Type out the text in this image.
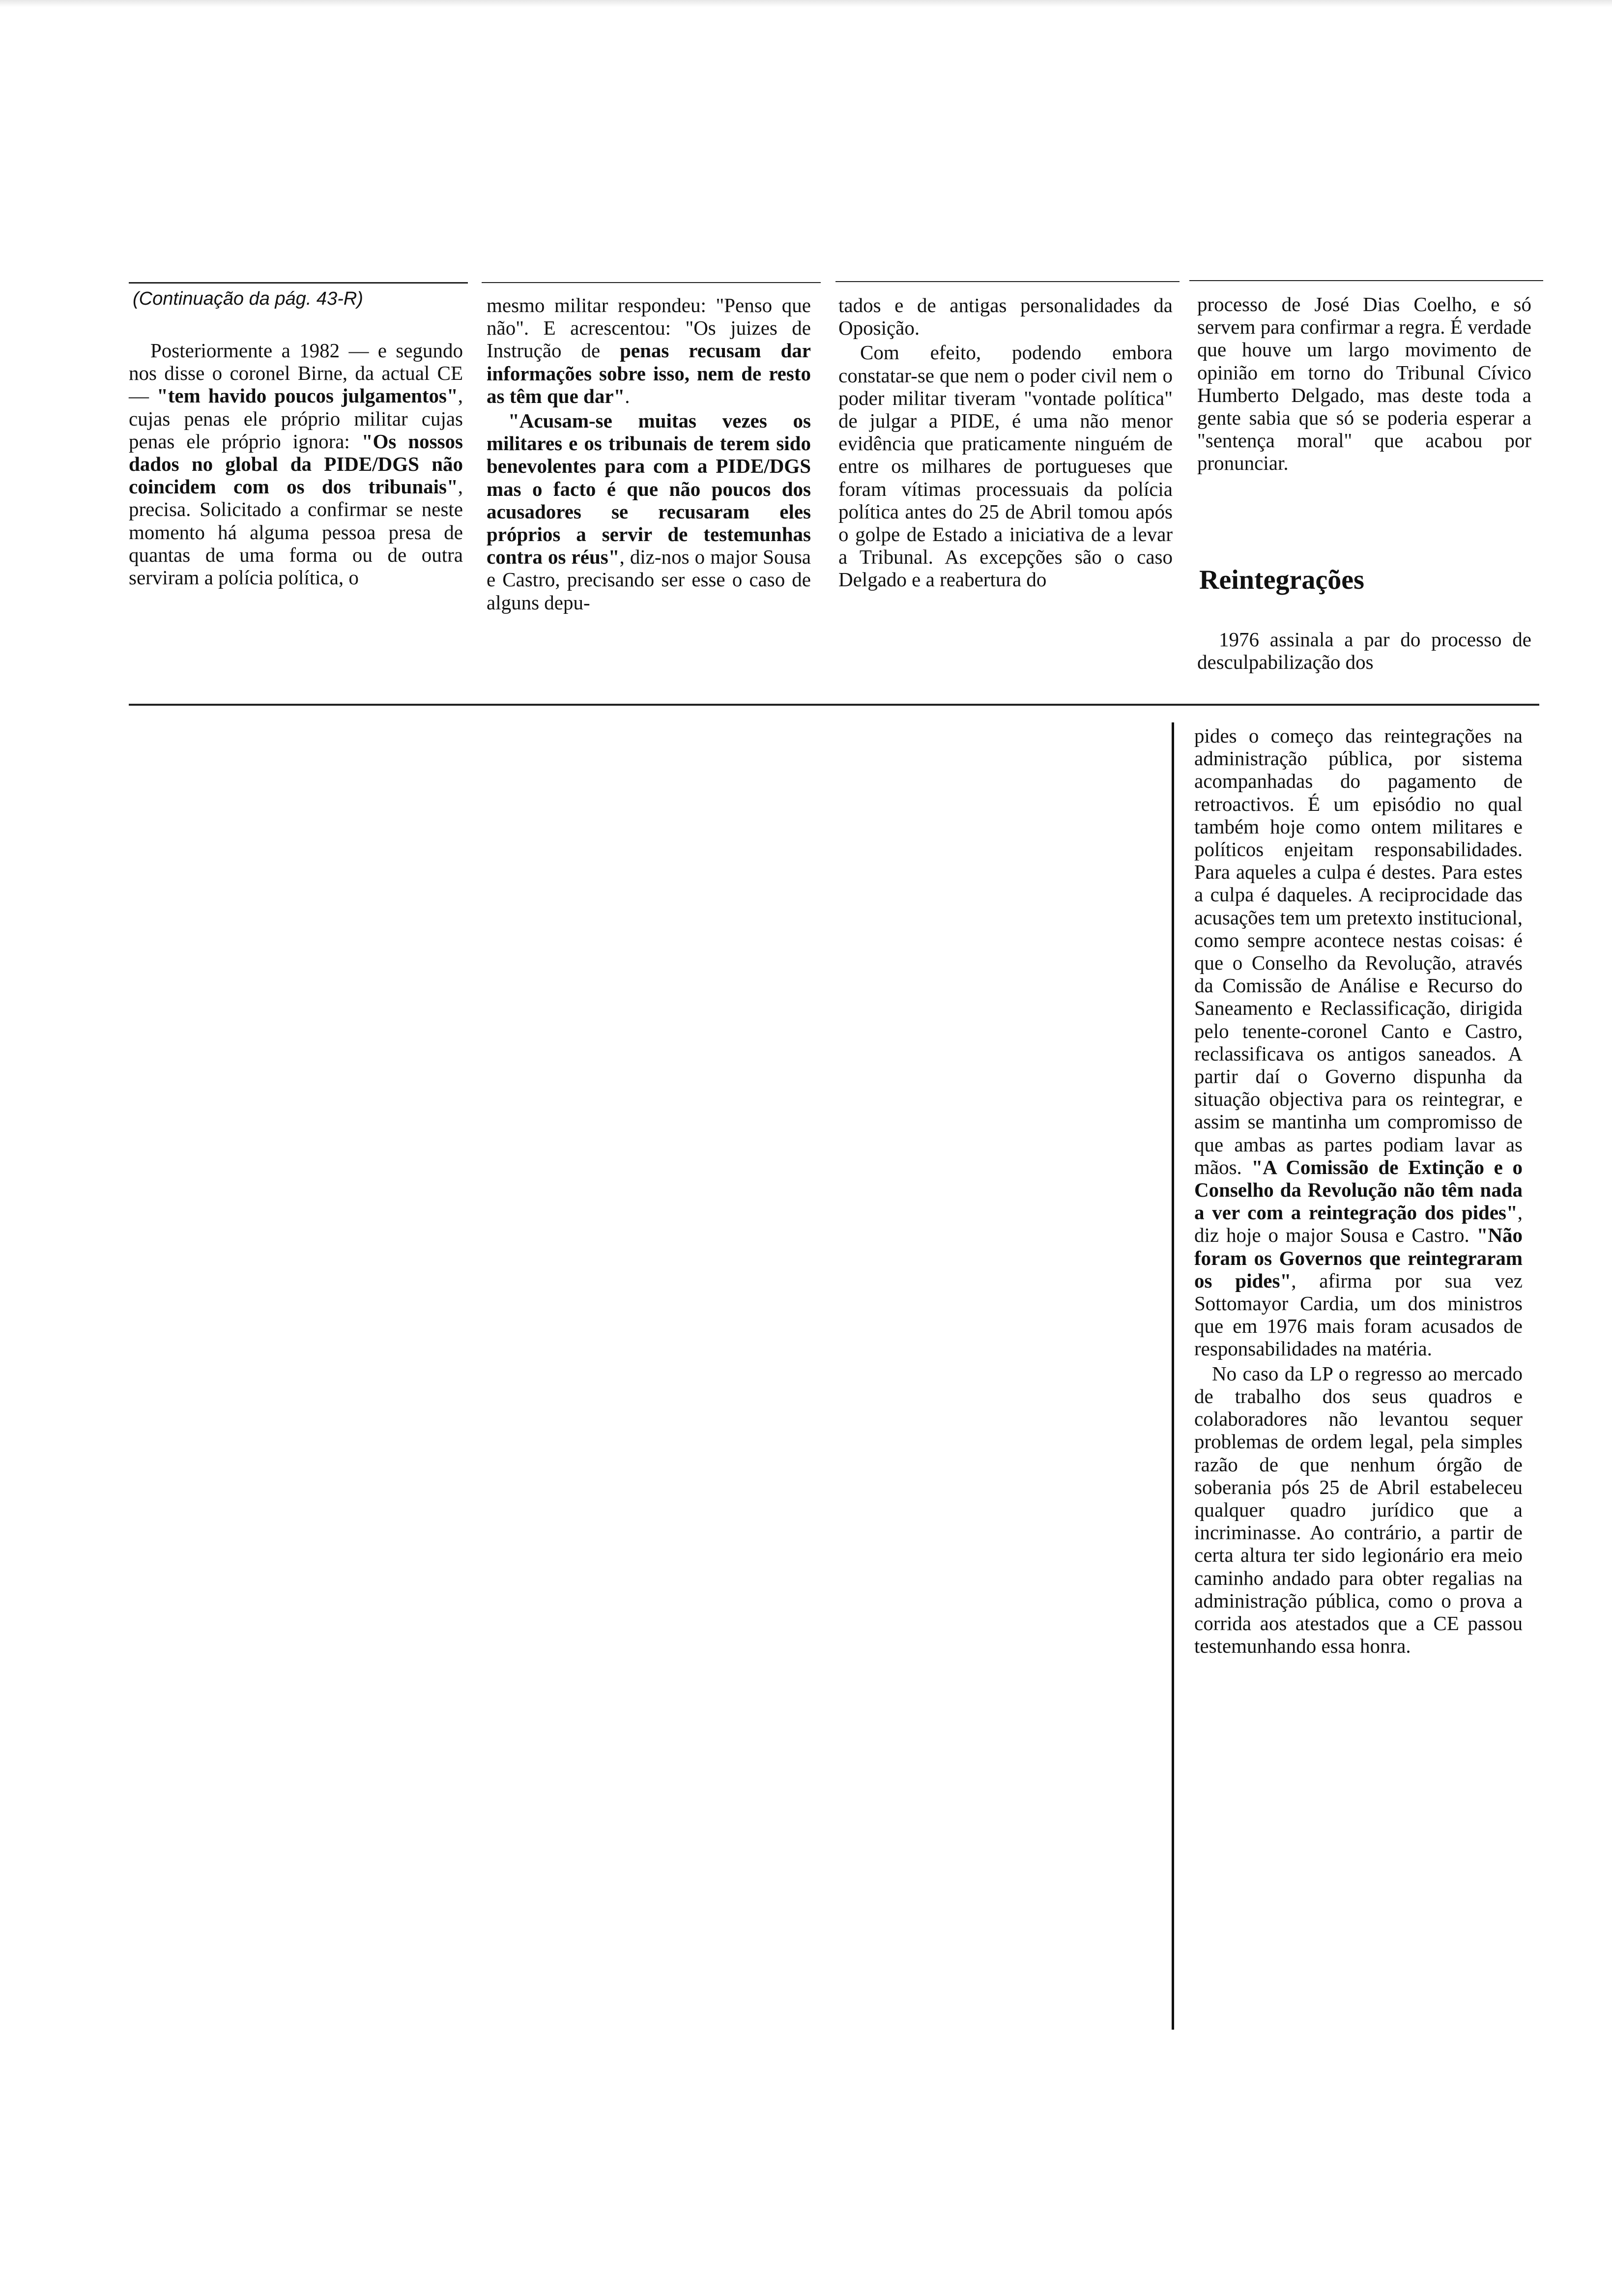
(Continuação da pág. 43-R)

Posteriormente a 1982 — e segundo nos disse o coronel Birne, da actual CE — "tem havido poucos julgamentos", cujas penas ele próprio militar cujas penas ele próprio ignora: "Os nossos dados no global da PIDE/DGS não coincidem com os dos tribunais", precisa. Solicitado a confirmar se neste momento há alguma pessoa presa de quantas de uma forma ou de outra serviram a polícia política, o

mesmo militar respondeu: "Penso que não". E acrescentou: "Os juizes de Instrução de penas recusam dar informações sobre isso, nem de resto as têm que dar".

"Acusam-se muitas vezes os militares e os tribunais de terem sido benevolentes para com a PIDE/DGS mas o facto é que não poucos dos acusadores se recusaram eles próprios a servir de testemunhas contra os réus", diz-nos o major Sousa e Castro, precisando ser esse o caso de alguns depu-

tados e de antigas personalidades da Oposição.

Com efeito, podendo embora constatar-se que nem o poder civil nem o poder militar tiveram "vontade política" de julgar a PIDE, é uma não menor evidência que praticamente ninguém de entre os milhares de portugueses que foram vítimas processuais da polícia política antes do 25 de Abril tomou após o golpe de Estado a iniciativa de a levar a Tribunal. As excepções são o caso Delgado e a reabertura do

processo de José Dias Coelho, e só servem para confirmar a regra. É verdade que houve um largo movimento de opinião em torno do Tribunal Cívico Humberto Delgado, mas deste toda a gente sabia que só se poderia esperar a "sentença moral" que acabou por pronunciar.

Reintegrações

1976 assinala a par do processo de desculpabilização dos

pides o começo das reintegrações na administração pública, por sistema acompanhadas do pagamento de retroactivos. É um episódio no qual também hoje como ontem militares e políticos enjeitam responsabilidades. Para aqueles a culpa é destes. Para estes a culpa é daqueles. A reciprocidade das acusações tem um pretexto institucional, como sempre acontece nestas coisas: é que o Conselho da Revolução, através da Comissão de Análise e Recurso do Saneamento e Reclassificação, dirigida pelo tenente-coronel Canto e Castro, reclassificava os antigos saneados. A partir daí o Governo dispunha da situação objectiva para os reintegrar, e assim se mantinha um compromisso de que ambas as partes podiam lavar as mãos. "A Comissão de Extinção e o Conselho da Revolução não têm nada a ver com a reintegração dos pides", diz hoje o major Sousa e Castro. "Não foram os Governos que reintegraram os pides", afirma por sua vez Sottomayor Cardia, um dos ministros que em 1976 mais foram acusados de responsabilidades na matéria.

No caso da LP o regresso ao mercado de trabalho dos seus quadros e colaboradores não levantou sequer problemas de ordem legal, pela simples razão de que nenhum órgão de soberania pós 25 de Abril estabeleceu qualquer quadro jurídico que a incriminasse. Ao contrário, a partir de certa altura ter sido legionário era meio caminho andado para obter regalias na administração pública, como o prova a corrida aos atestados que a CE passou testemunhando essa honra.
